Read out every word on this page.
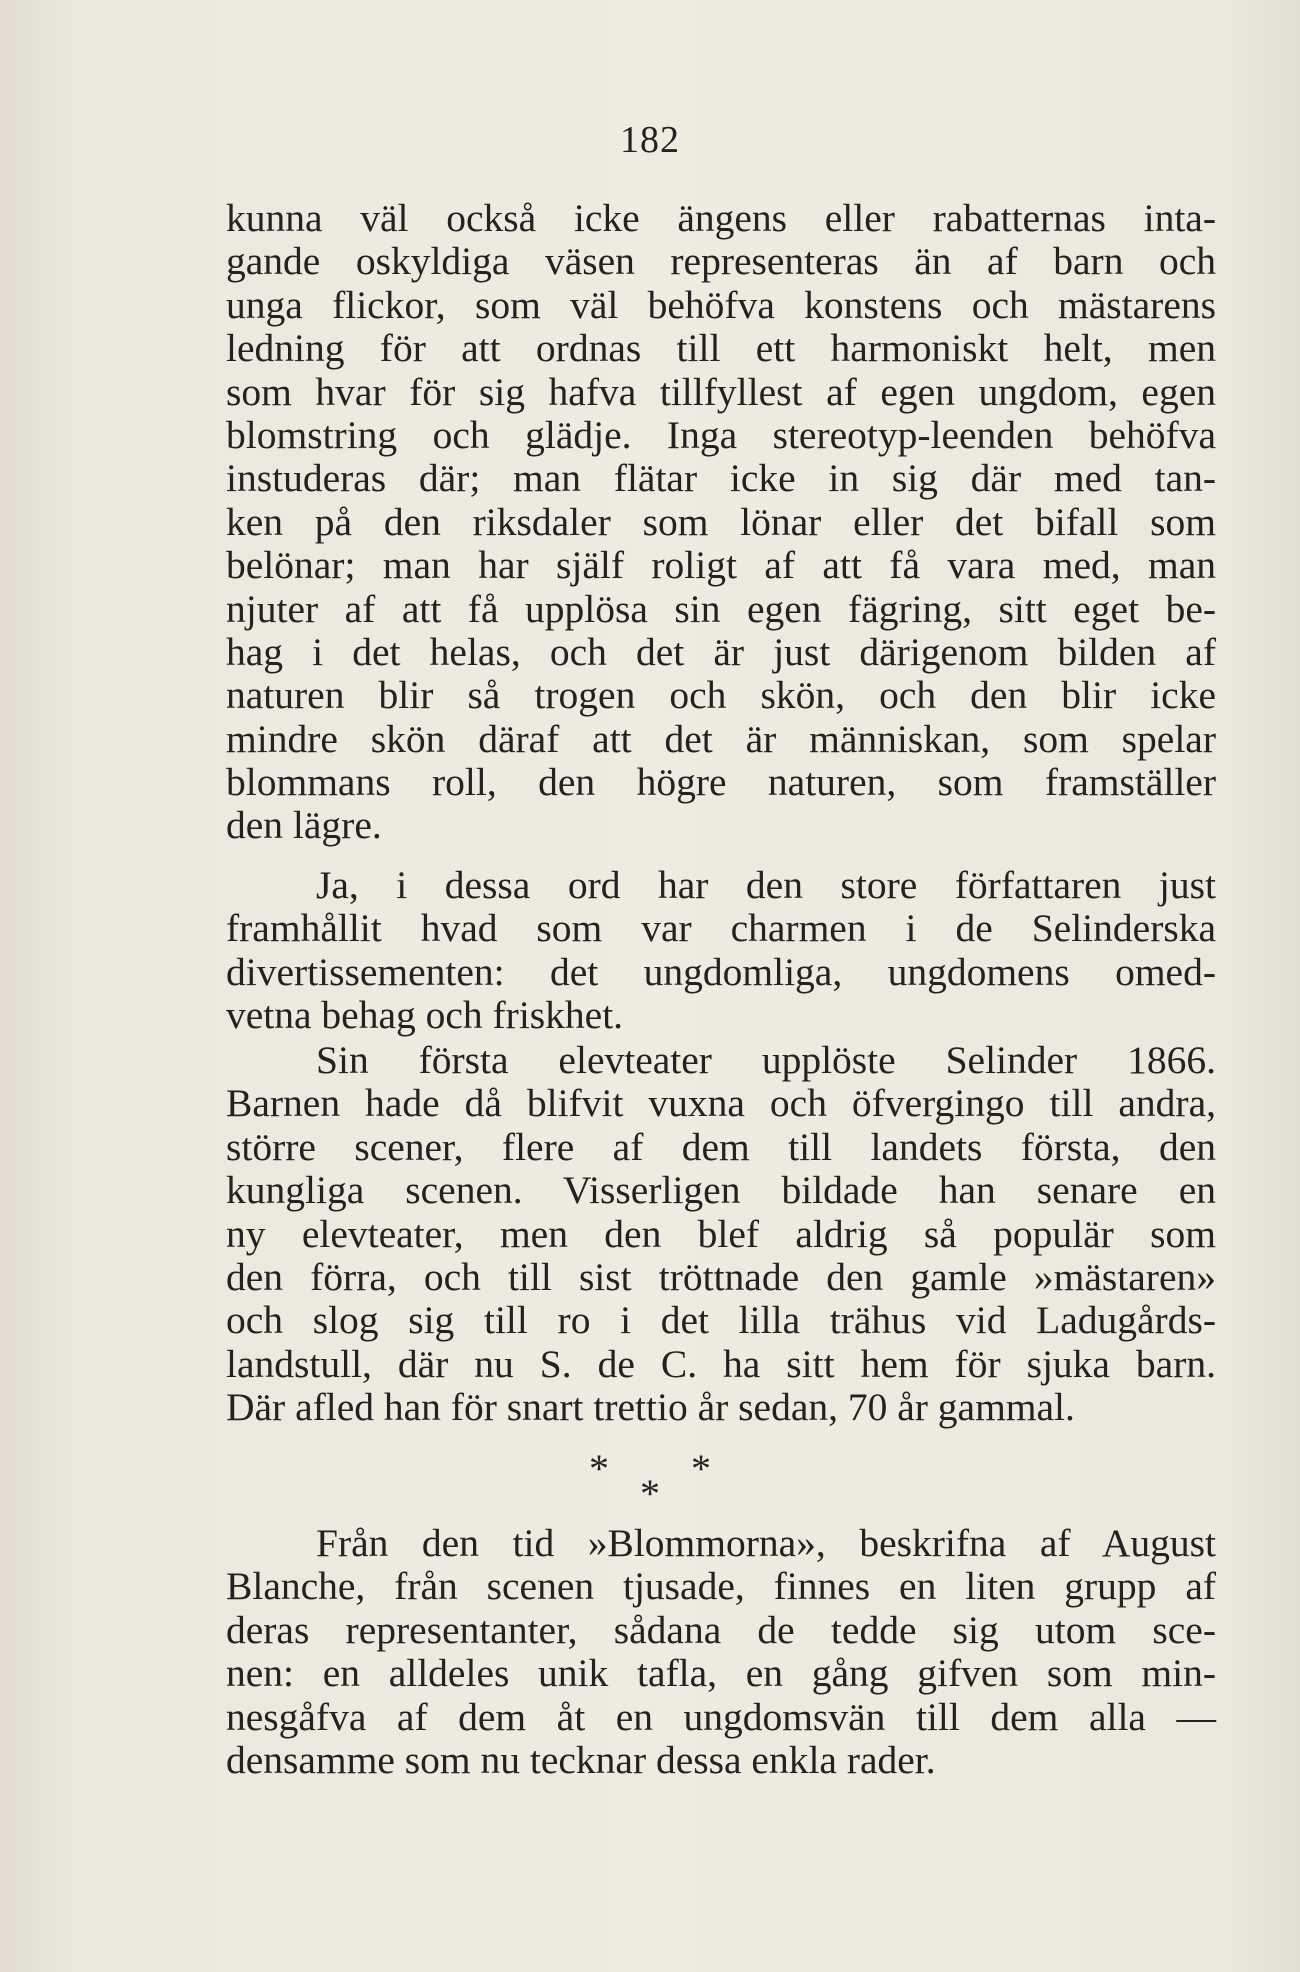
182
kunna väl också icke ängens eller rabatternas inta-
gande oskyldiga väsen representeras än af barn och
unga flickor, som väl behöfva konstens och mästarens
ledning för att ordnas till ett harmoniskt helt, men
som hvar för sig hafva tillfyllest af egen ungdom, egen
blomstring och glädje. Inga stereotyp-leenden behöfva
instuderas där; man flätar icke in sig där med tan-
ken på den riksdaler som lönar eller det bifall som
belönar; man har själf roligt af att få vara med, man
njuter af att få upplösa sin egen fägring, sitt eget be-
hag i det helas, och det är just därigenom bilden af
naturen blir så trogen och skön, och den blir icke
mindre skön däraf att det är människan, som spelar
blommans roll, den högre naturen, som framställer
den lägre.
Ja, i dessa ord har den store författaren just
framhållit hvad som var charmen i de Selinderska
divertissementen: det ungdomliga, ungdomens omed-
vetna behag och friskhet.
Sin första elevteater upplöste Selinder 1866.
Barnen hade då blifvit vuxna och öfvergingo till andra,
större scener, flere af dem till landets första, den
kungliga scenen. Visserligen bildade han senare en
ny elevteater, men den blef aldrig så populär som
den förra, och till sist tröttnade den gamle »mästaren»
och slog sig till ro i det lilla trähus vid Ladugårds-
landstull, där nu S. de C. ha sitt hem för sjuka barn.
Där afled han för snart trettio år sedan, 70 år gammal.
* *
*
Från den tid »Blommorna», beskrifna af August
Blanche, från scenen tjusade, finnes en liten grupp af
deras representanter, sådana de tedde sig utom sce-
nen: en alldeles unik tafla, en gång gifven som min-
nesgåfva af dem åt en ungdomsvän till dem alla —
densamme som nu tecknar dessa enkla rader.
